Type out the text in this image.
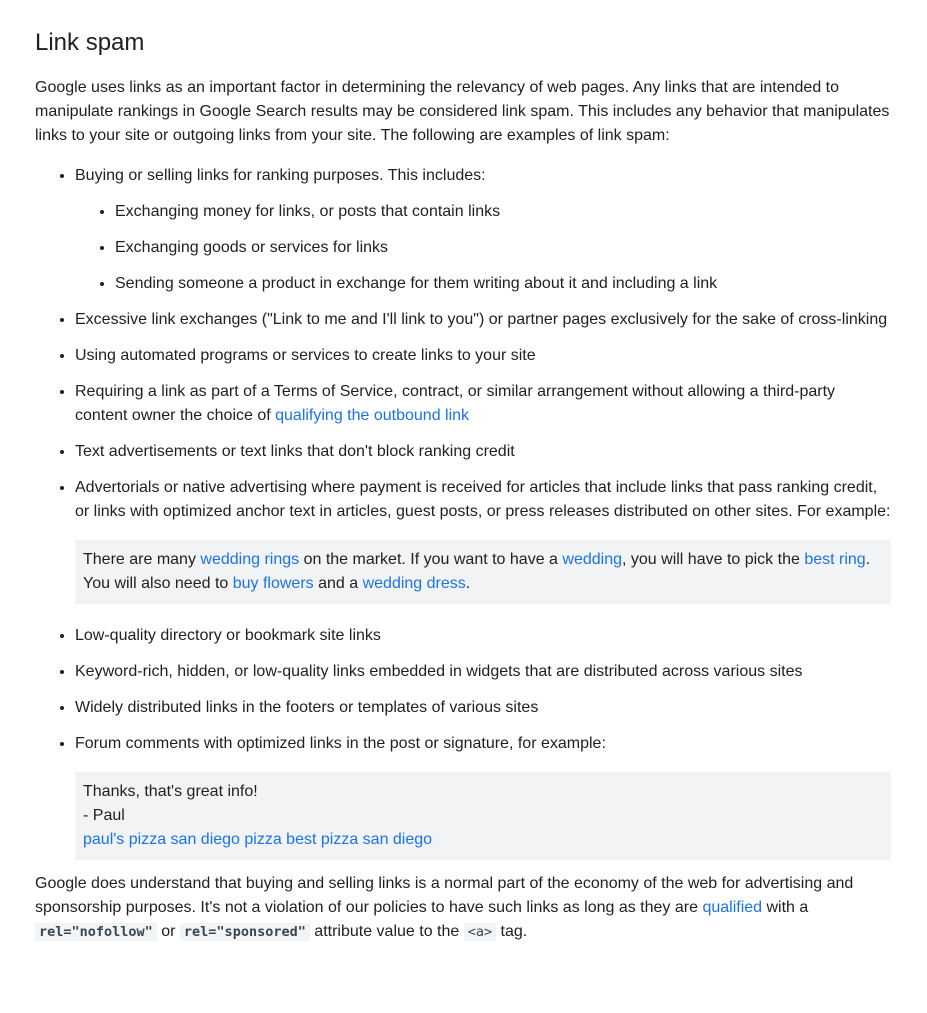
Link spam

Google uses links as an important factor in determining the relevancy of web pages. Any links that are intended to manipulate rankings in Google Search results may be considered link spam. This includes any behavior that manipulates links to your site or outgoing links from your site. The following are examples of link spam:

• Buying or selling links for ranking purposes. This includes:
• Exchanging money for links, or posts that contain links
• Exchanging goods or services for links
• Sending someone a product in exchange for them writing about it and including a link
• Excessive link exchanges ("Link to me and I'll link to you") or partner pages exclusively for the sake of cross-linking
• Using automated programs or services to create links to your site
• Requiring a link as part of a Terms of Service, contract, or similar arrangement without allowing a third-party content owner the choice of qualifying the outbound link
• Text advertisements or text links that don't block ranking credit
• Advertorials or native advertising where payment is received for articles that include links that pass ranking credit, or links with optimized anchor text in articles, guest posts, or press releases distributed on other sites. For example:
There are many wedding rings on the market. If you want to have a wedding, you will have to pick the best ring. You will also need to buy flowers and a wedding dress.
• Low-quality directory or bookmark site links
• Keyword-rich, hidden, or low-quality links embedded in widgets that are distributed across various sites
• Widely distributed links in the footers or templates of various sites
• Forum comments with optimized links in the post or signature, for example:
Thanks, that's great info!
- Paul
paul's pizza san diego pizza best pizza san diego

Google does understand that buying and selling links is a normal part of the economy of the web for advertising and sponsorship purposes. It's not a violation of our policies to have such links as long as they are qualified with a rel="nofollow" or rel="sponsored" attribute value to the <a> tag.
